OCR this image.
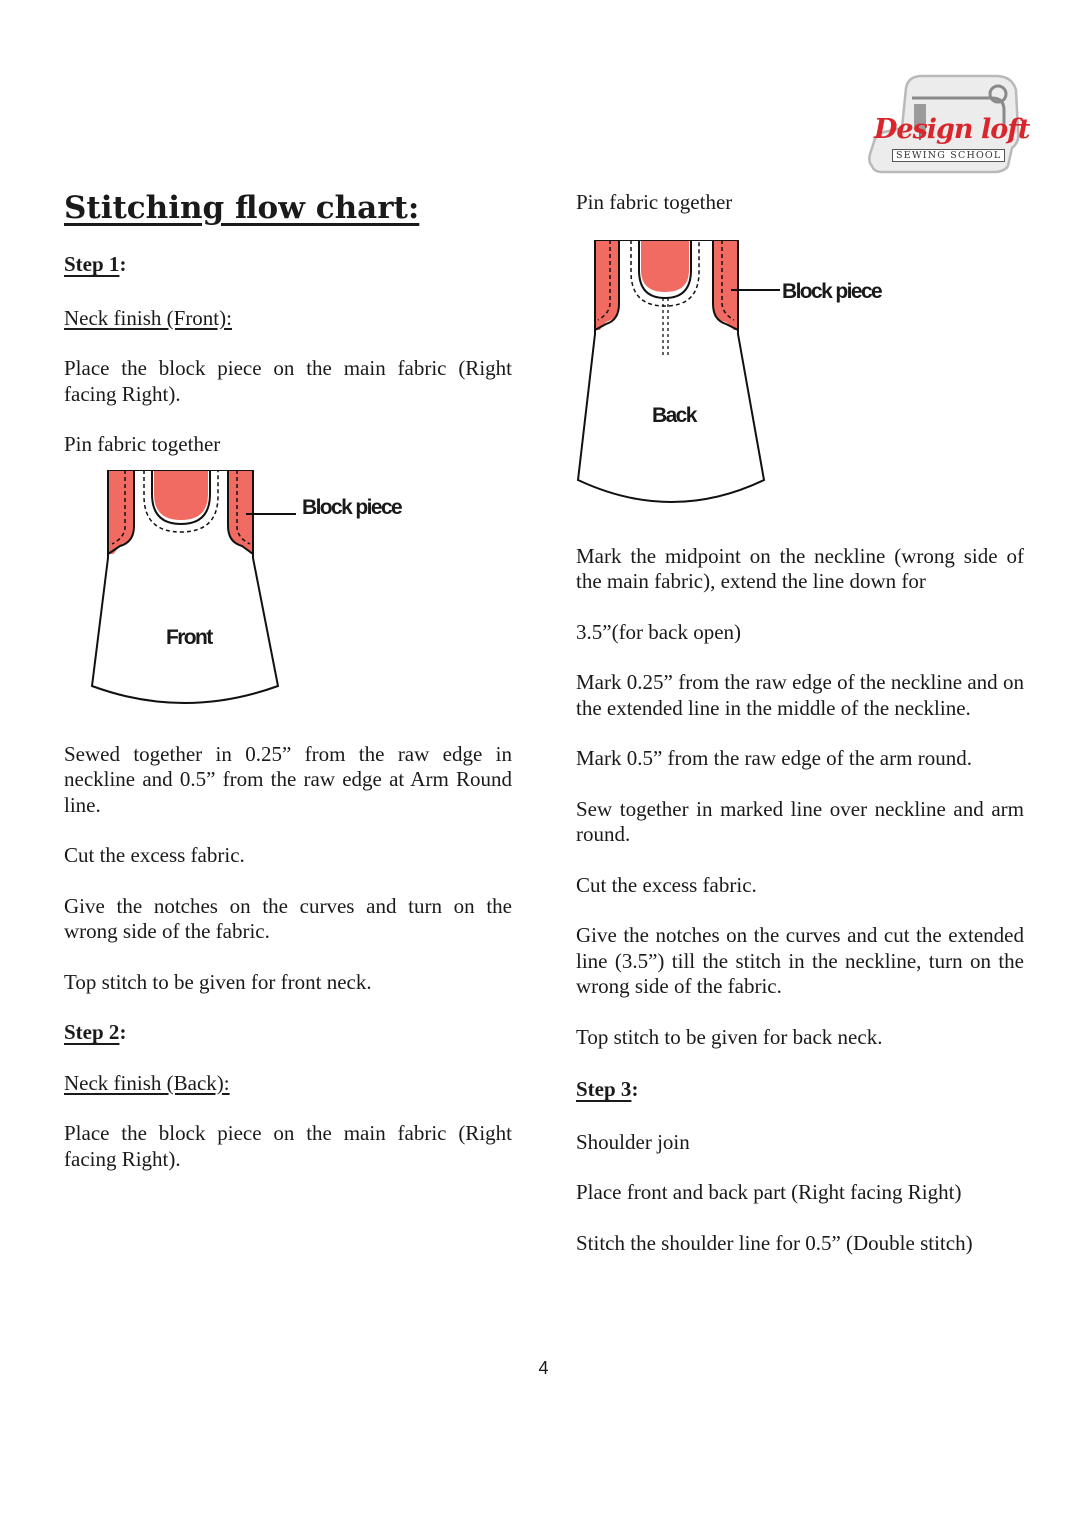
Design loft
SEWING SCHOOL
Stitching flow chart:

Step 1:

Neck finish (Front):

Place the block piece on the main fabric (Right facing Right).

Pin fabric together

Block piece
Front

Sewed together in 0.25” from the raw edge in neckline and 0.5” from the raw edge at Arm Round line.

Cut the excess fabric.

Give the notches on the curves and turn on the wrong side of the fabric.

Top stitch to be given for front neck.

Step 2:

Neck finish (Back):

Place the block piece on the main fabric (Right facing Right).

Pin fabric together

Block piece
Back

Mark the midpoint on the neckline (wrong side of the main fabric), extend the line down for

3.5”(for back open)

Mark 0.25” from the raw edge of the neckline and on the extended line in the middle of the neckline.

Mark 0.5” from the raw edge of the arm round.

Sew together in marked line over neckline and arm round.

Cut the excess fabric.

Give the notches on the curves and cut the extended line (3.5”) till the stitch in the neckline, turn on the wrong side of the fabric.

Top stitch to be given for back neck.

Step 3:

Shoulder join

Place front and back part (Right facing Right)

Stitch the shoulder line for 0.5” (Double stitch)

4
